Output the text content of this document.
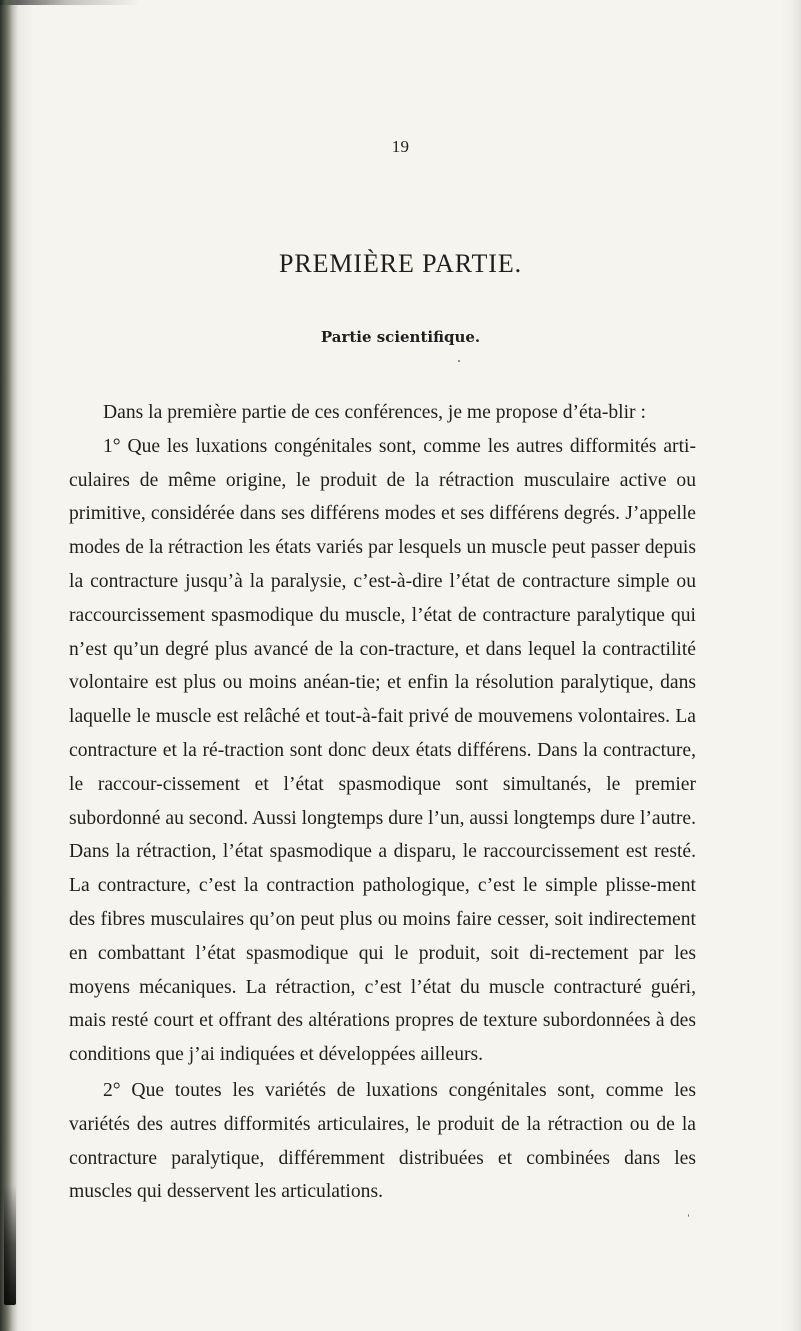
19
PREMIÈRE PARTIE.
Partie scientifique.

Dans la première partie de ces conférences, je me propose d’éta-blir :

1° Que les luxations congénitales sont, comme les autres difformités arti-culaires de même origine, le produit de la rétraction musculaire active ou primitive, considérée dans ses différens modes et ses différens degrés. J’appelle modes de la rétraction les états variés par lesquels un muscle peut passer depuis la contracture jusqu’à la paralysie, c’est-à-dire l’état de contracture simple ou raccourcissement spasmodique du muscle, l’état de contracture paralytique qui n’est qu’un degré plus avancé de la con-tracture, et dans lequel la contractilité volontaire est plus ou moins anéan-tie; et enfin la résolution paralytique, dans laquelle le muscle est relâché et tout-à-fait privé de mouvemens volontaires. La contracture et la ré-traction sont donc deux états différens. Dans la contracture, le raccour-cissement et l’état spasmodique sont simultanés, le premier subordonné au second. Aussi longtemps dure l’un, aussi longtemps dure l’autre. Dans la rétraction, l’état spasmodique a disparu, le raccourcissement est resté. La contracture, c’est la contraction pathologique, c’est le simple plisse-ment des fibres musculaires qu’on peut plus ou moins faire cesser, soit indirectement en combattant l’état spasmodique qui le produit, soit di-rectement par les moyens mécaniques. La rétraction, c’est l’état du muscle contracturé guéri, mais resté court et offrant des altérations propres de texture subordonnées à des conditions que j’ai indiquées et développées ailleurs.

2° Que toutes les variétés de luxations congénitales sont, comme les variétés des autres difformités articulaires, le produit de la rétraction ou de la contracture paralytique, différemment distribuées et combinées dans les muscles qui desservent les articulations.
